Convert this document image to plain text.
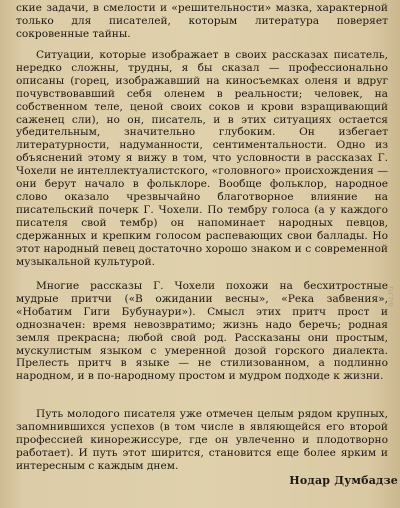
ские задачи, в смелости и «решительности» мазка, характерной только для писателей, которым литература поверяет сокровенные тайны.

Ситуации, которые изображает в своих рассказах писатель, нередко сложны, трудны, я бы сказал — профессионально описаны (горец, изображавший на киносъемках оленя и вдруг почувствовавший себя оленем в реальности; человек, на собственном теле, ценой своих соков и крови взращивающий саженец сли), но он, писатель, и в этих ситуациях остается убедительным, значительно глубоким. Он избегает литературности, надуманности, сентиментальности. Одно из объяснений этому я вижу в том, что условности в рассказах Г. Чохели не интеллектуалистского, «головного» происхождения — они берут начало в фольклоре. Вообще фольклор, народное слово оказало чрезвычайно благотворное влияние на писательский почерк Г. Чохели. По тембру голоса (а у каждого писателя свой тембр) он напоминает народных певцов, сдержанных и крепким голосом распевающих свои баллады. Но этот народный певец достаточно хорошо знаком и с современной музыкальной культурой.

Многие рассказы Г. Чохели похожи на бесхитростные мудрые притчи («В ожидании весны», «Река забвения», «Нобатим Гиги Бубунаури»). Смысл этих притч прост и однозначен: время невозвратимо; жизнь надо беречь; родная земля прекрасна; любой свой род. Рассказаны они простым, мускулистым языком с умеренной дозой горского диалекта. Прелесть притч в языке — не стилизованном, а подлинно народном, и в по-народному простом и мудром подходе к жизни.

Путь молодого писателя уже отмечен целым рядом крупных, запомнившихся успехов (в том числе в являющейся его второй профессией кинорежиссуре, где он увлеченно и плодотворно работает). И путь этот ширится, становится еще более ярким и интересным с каждым днем.

Нодар Думбадзе
au.ru
